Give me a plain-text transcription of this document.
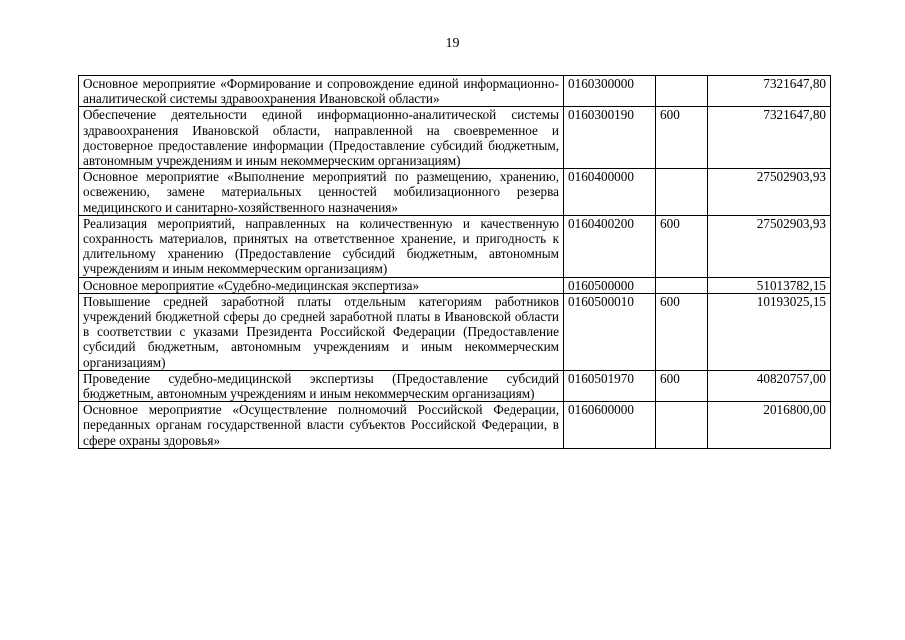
19
Основное мероприятие «Формирование и сопровождение единой информационно-аналитической системы здравоохранения Ивановской области»	0160300000		7321647,80
Обеспечение деятельности единой информационно-аналитической системы здравоохранения Ивановской области, направленной на своевременное и достоверное предоставление информации (Предоставление субсидий бюджетным, автономным учреждениям и иным некоммерческим организациям)	0160300190	600	7321647,80
Основное мероприятие «Выполнение мероприятий по размещению, хранению, освежению, замене материальных ценностей мобилизационного резерва медицинского и санитарно-хозяйственного назначения»	0160400000		27502903,93
Реализация мероприятий, направленных на количественную и качественную сохранность материалов, принятых на ответственное хранение, и пригодность к длительному хранению (Предоставление субсидий бюджетным, автономным учреждениям и иным некоммерческим организациям)	0160400200	600	27502903,93
Основное мероприятие «Судебно-медицинская экспертиза»	0160500000		51013782,15
Повышение средней заработной платы отдельным категориям работников учреждений бюджетной сферы до средней заработной платы в Ивановской области в соответствии с указами Президента Российской Федерации (Предоставление субсидий бюджетным, автономным учреждениям и иным некоммерческим организациям)	0160500010	600	10193025,15
Проведение судебно-медицинской экспертизы (Предоставление субсидий бюджетным, автономным учреждениям и иным некоммерческим организациям)	0160501970	600	40820757,00
Основное мероприятие «Осуществление полномочий Российской Федерации, переданных органам государственной власти субъектов Российской Федерации, в сфере охраны здоровья»	0160600000		2016800,00
